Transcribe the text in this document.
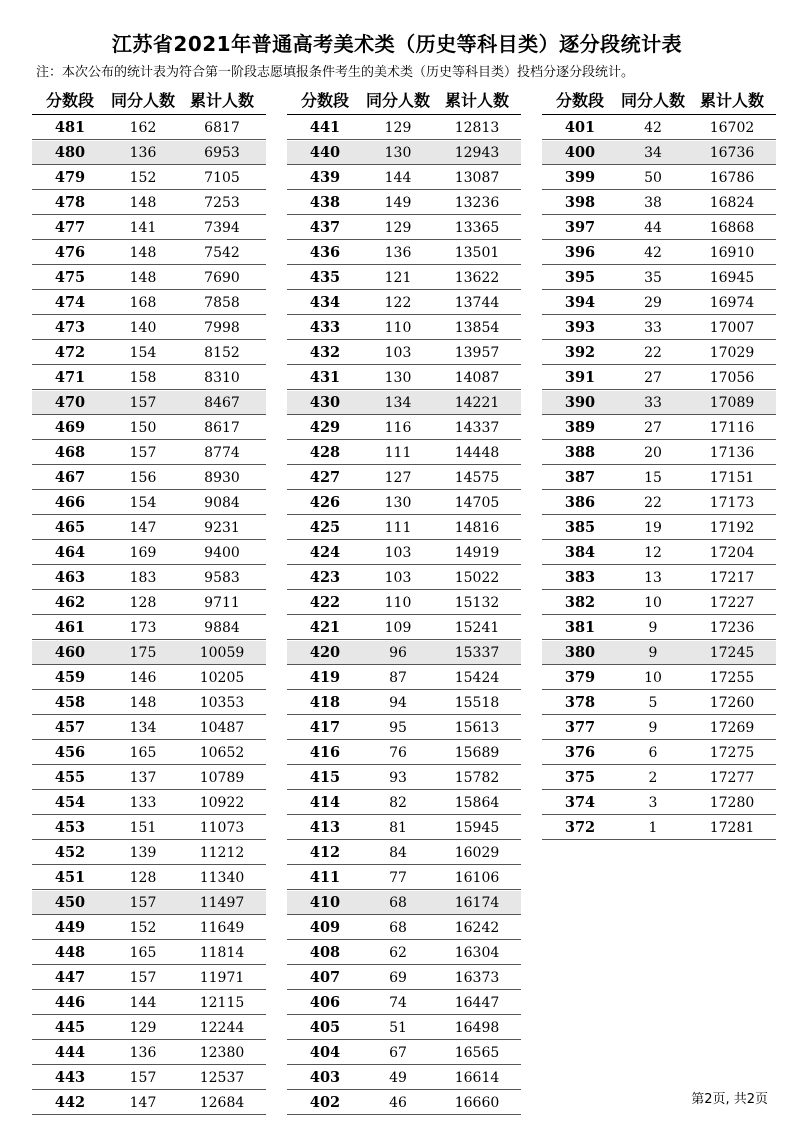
江苏省2021年普通高考美术类（历史等科目类）逐分段统计表
注：本次公布的统计表为符合第一阶段志愿填报条件考生的美术类（历史等科目类）投档分逐分段统计。
分数段	同分人数 累计人数
481	162	6817
480	136	6953
479	152	7105
478	148	7253
477	141	7394
476	148	7542
475	148	7690
474	168	7858
473	140	7998
472	154	8152
471	158	8310
470	157	8467
469	150	8617
468	157	8774
467	156	8930
466	154	9084
465	147	9231
464	169	9400
463	183	9583
462	128	9711
461	173	9884
460	175	10059
459	146	10205
458	148	10353
457	134	10487
456	165	10652
455	137	10789
454	133	10922
453	151	11073
452	139	11212
451	128	11340
450	157	11497
449	152	11649
448	165	11814
447	157	11971
446	144	12115
445	129	12244
444	136	12380
443	157	12537
442	147	12684
分数段	同分人数 累计人数
441	129	12813
440	130	12943
439	144	13087
438	149	13236
437	129	13365
436	136	13501
435	121	13622
434	122	13744
433	110	13854
432	103	13957
431	130	14087
430	134	14221
429	116	14337
428	111	14448
427	127	14575
426	130	14705
425	111	14816
424	103	14919
423	103	15022
422	110	15132
421	109	15241
420	96	15337
419	87	15424
418	94	15518
417	95	15613
416	76	15689
415	93	15782
414	82	15864
413	81	15945
412	84	16029
411	77	16106
410	68	16174
409	68	16242
408	62	16304
407	69	16373
406	74	16447
405	51	16498
404	67	16565
403	49	16614
402	46	16660
分数段	同分人数 累计人数
401	42	16702
400	34	16736
399	50	16786
398	38	16824
397	44	16868
396	42	16910
395	35	16945
394	29	16974
393	33	17007
392	22	17029
391	27	17056
390	33	17089
389	27	17116
388	20	17136
387	15	17151
386	22	17173
385	19	17192
384	12	17204
383	13	17217
382	10	17227
381	9	17236
380	9	17245
379	10	17255
378	5	17260
377	9	17269
376	6	17275
375	2	17277
374	3	17280
372	1	17281
第2页, 共2页
